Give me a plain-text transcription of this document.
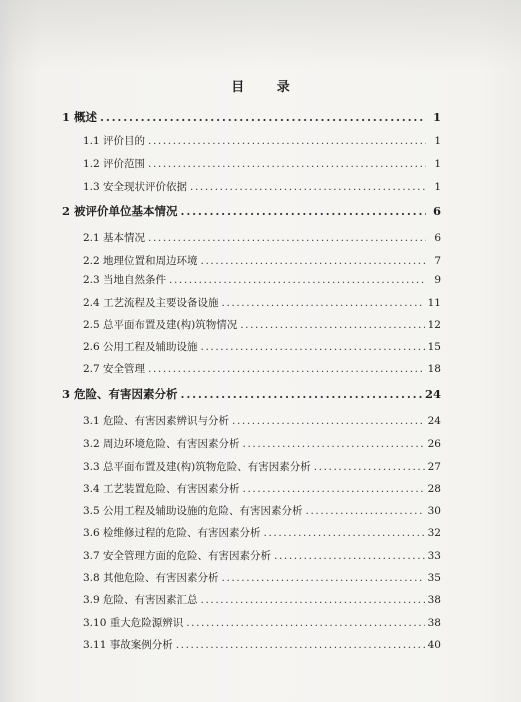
目 录
1 概述 .....	1
1.1 评价目的 .....	1
1.2 评价范围 .....	1
1.3 安全现状评价依据 .....	1
2 被评价单位基本情况 .....	6
2.1 基本情况 .....	6
2.2 地理位置和周边环境 .....	7
2.3 当地自然条件 .....	9
2.4 工艺流程及主要设备设施 .....	11
2.5 总平面布置及建(构)筑物情况 .....	12
2.6 公用工程及辅助设施 .....	15
2.7 安全管理 .....	18
3 危险、有害因素分析 .....	24
3.1 危险、有害因素辨识与分析 .....	24
3.2 周边环境危险、有害因素分析 .....	26
3.3 总平面布置及建(构)筑物危险、有害因素分析 .....	27
3.4 工艺装置危险、有害因素分析 .....	28
3.5 公用工程及辅助设施的危险、有害因素分析 .....	30
3.6 检维修过程的危险、有害因素分析 .....	32
3.7 安全管理方面的危险、有害因素分析 .....	33
3.8 其他危险、有害因素分析 .....	35
3.9 危险、有害因素汇总 .....	38
3.10 重大危险源辨识 .....	38
3.11 事故案例分析 .....	40
